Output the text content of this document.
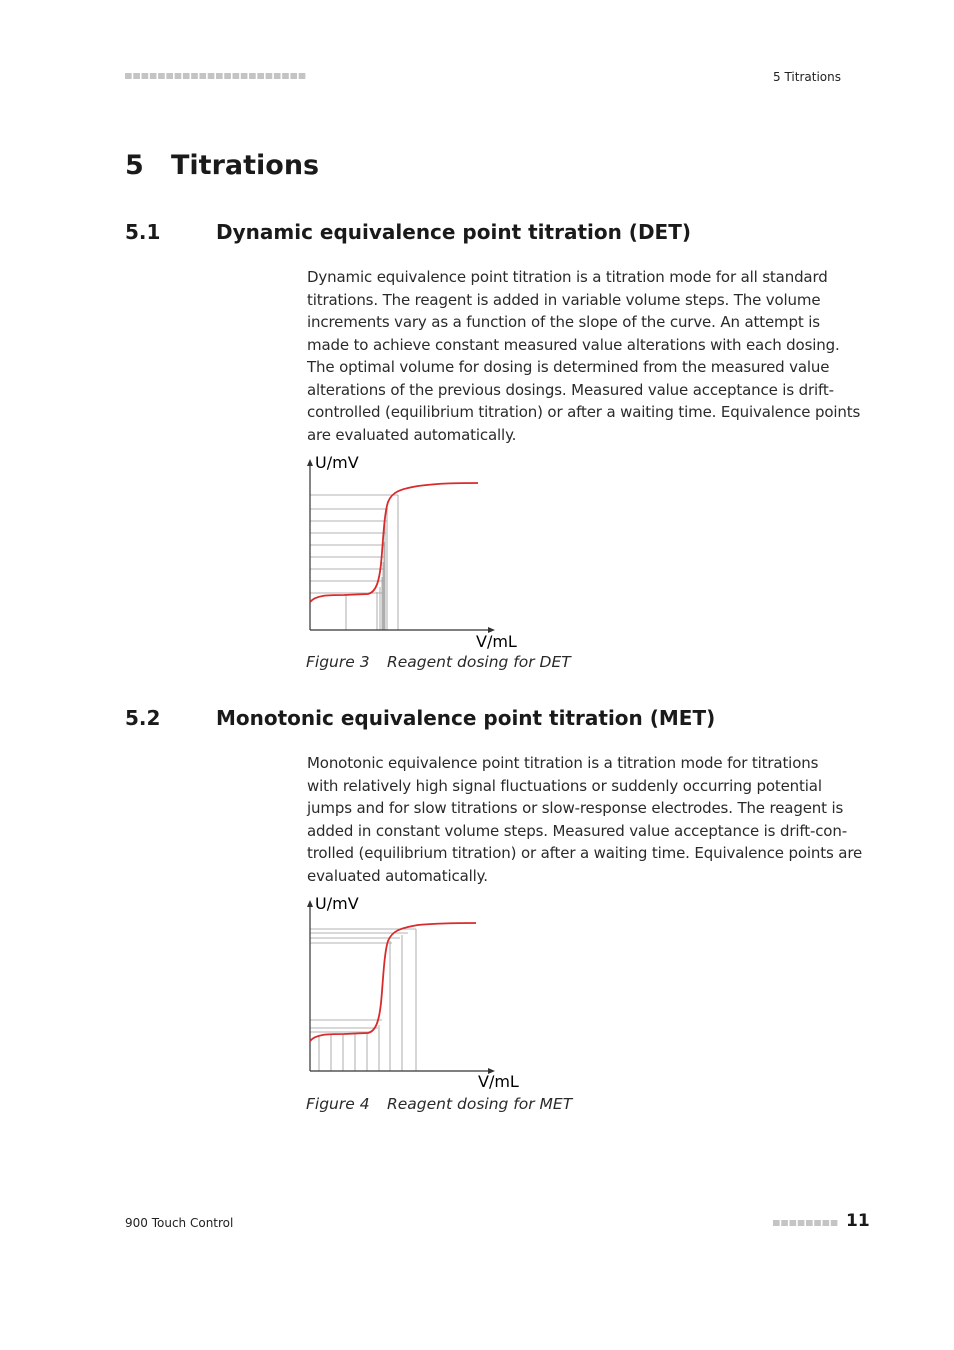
5 Titrations
5 Titrations
5.1	Dynamic equivalence point titration (DET)
Dynamic equivalence point titration is a titration mode for all standard
titrations. The reagent is added in variable volume steps. The volume
increments vary as a function of the slope of the curve. An attempt is
made to achieve constant measured value alterations with each dosing.
The optimal volume for dosing is determined from the measured value
alterations of the previous dosings. Measured value acceptance is drift-
controlled (equilibrium titration) or after a waiting time. Equivalence points
are evaluated automatically.
U/mV
V/mL
Figure 3 Reagent dosing for DET
5.2	Monotonic equivalence point titration (MET)
Monotonic equivalence point titration is a titration mode for titrations
with relatively high signal fluctuations or suddenly occurring potential
jumps and for slow titrations or slow-response electrodes. The reagent is
added in constant volume steps. Measured value acceptance is drift-con-
trolled (equilibrium titration) or after a waiting time. Equivalence points are
evaluated automatically.
U/mV
V/mL
Figure 4 Reagent dosing for MET
900 Touch Control	11
